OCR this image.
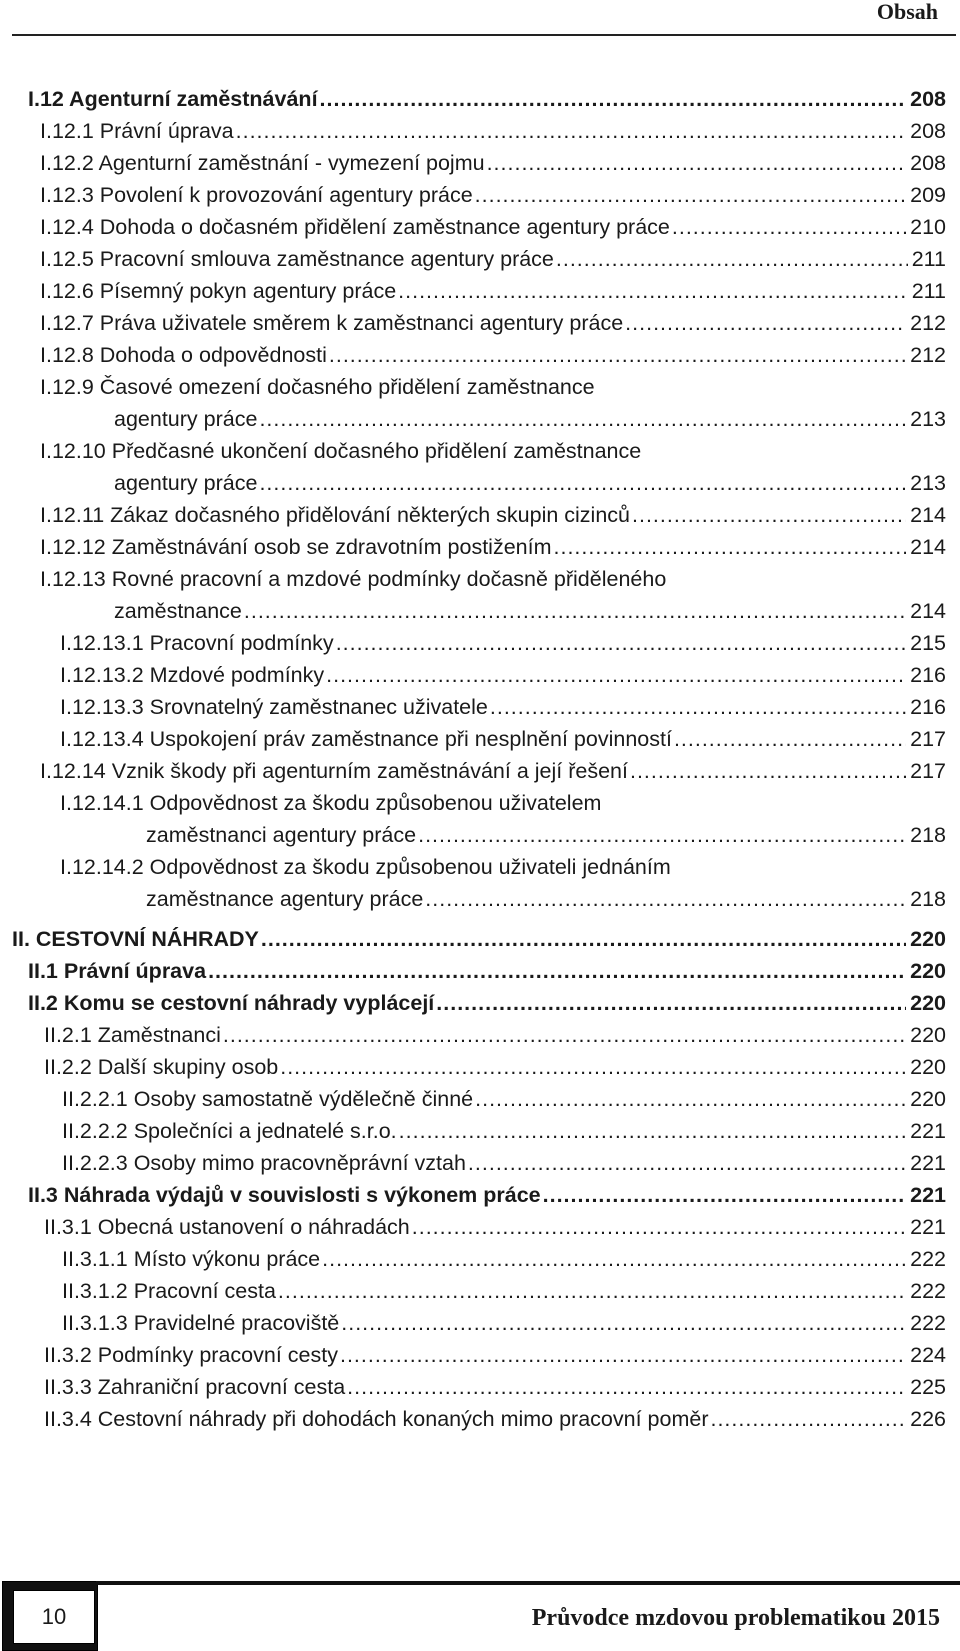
Obsah
I.12 Agenturní zaměstnávání .....	208
I.12.1 Právní úprava .....	208
I.12.2 Agenturní zaměstnání - vymezení pojmu .....	208
I.12.3 Povolení k provozování agentury práce .....	209
I.12.4 Dohoda o dočasném přidělení zaměstnance agentury práce .....	210
I.12.5 Pracovní smlouva zaměstnance agentury práce .....	211
I.12.6 Písemný pokyn agentury práce .....	211
I.12.7 Práva uživatele směrem k zaměstnanci agentury práce .....	212
I.12.8 Dohoda o odpovědnosti .....	212
I.12.9 Časové omezení dočasného přidělení zaměstnance
agentury práce .....	213
I.12.10 Předčasné ukončení dočasného přidělení zaměstnance
agentury práce .....	213
I.12.11 Zákaz dočasného přidělování některých skupin cizinců .....	214
I.12.12 Zaměstnávání osob se zdravotním postižením .....	214
I.12.13 Rovné pracovní a mzdové podmínky dočasně přiděleného
zaměstnance .....	214
I.12.13.1 Pracovní podmínky .....	215
I.12.13.2 Mzdové podmínky .....	216
I.12.13.3 Srovnatelný zaměstnanec uživatele .....	216
I.12.13.4 Uspokojení práv zaměstnance při nesplnění povinností .....	217
I.12.14 Vznik škody při agenturním zaměstnávání a její řešení .....	217
I.12.14.1 Odpovědnost za škodu způsobenou uživatelem
zaměstnanci agentury práce .....	218
I.12.14.2 Odpovědnost za škodu způsobenou uživateli jednáním
zaměstnance agentury práce .....	218
II. CESTOVNÍ NÁHRADY .....	220
II.1 Právní úprava .....	220
II.2 Komu se cestovní náhrady vyplácejí .....	220
II.2.1 Zaměstnanci .....	220
II.2.2 Další skupiny osob .....	220
II.2.2.1 Osoby samostatně výdělečně činné .....	220
II.2.2.2 Společníci a jednatelé s.r.o. .....	221
II.2.2.3 Osoby mimo pracovněprávní vztah .....	221
II.3 Náhrada výdajů v souvislosti s výkonem práce .....	221
II.3.1 Obecná ustanovení o náhradách .....	221
II.3.1.1 Místo výkonu práce .....	222
II.3.1.2 Pracovní cesta .....	222
II.3.1.3 Pravidelné pracoviště .....	222
II.3.2 Podmínky pracovní cesty .....	224
II.3.3 Zahraniční pracovní cesta .....	225
II.3.4 Cestovní náhrady při dohodách konaných mimo pracovní poměr .....	226
10	Průvodce mzdovou problematikou 2015
